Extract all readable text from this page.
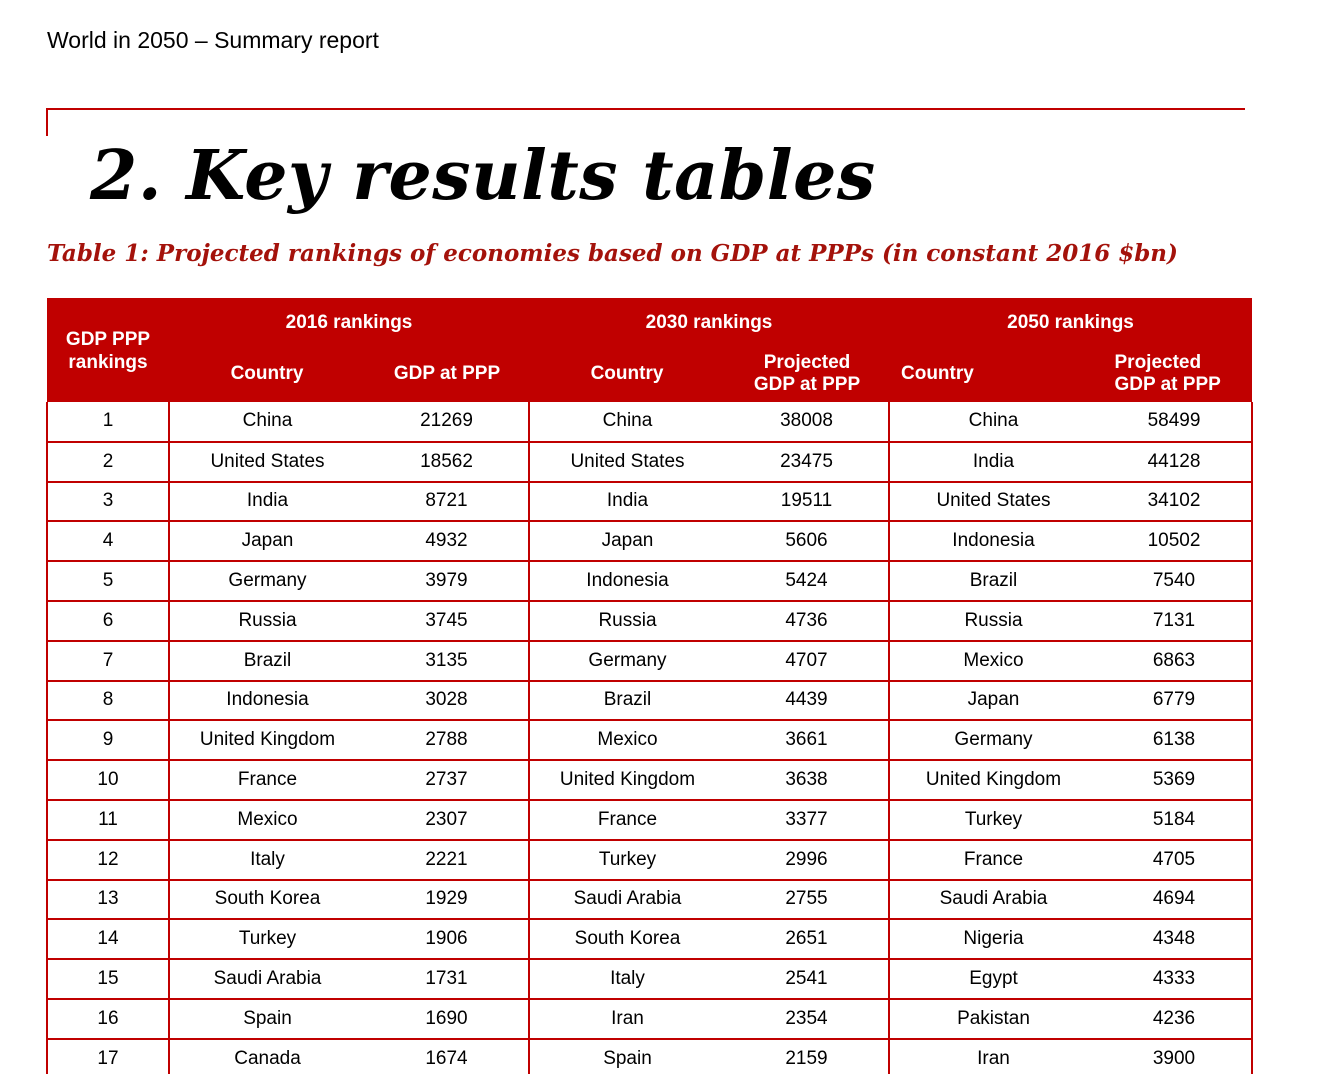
World in 2050 – Summary report
2. Key results tables
Table 1: Projected rankings of economies based on GDP at PPPs (in constant 2016 $bn)
GDP PPP rankings	2016 rankings		2030 rankings		2050 rankings	
	Country	GDP at PPP	Country	Projected GDP at PPP	Country	Projected GDP at PPP

1	China	21269	China	38008	China	58499
2	United States	18562	United States	23475	India	44128
3	India	8721	India	19511	United States	34102
4	Japan	4932	Japan	5606	Indonesia	10502
5	Germany	3979	Indonesia	5424	Brazil	7540
6	Russia	3745	Russia	4736	Russia	7131
7	Brazil	3135	Germany	4707	Mexico	6863
8	Indonesia	3028	Brazil	4439	Japan	6779
9	United Kingdom	2788	Mexico	3661	Germany	6138
10	France	2737	United Kingdom	3638	United Kingdom	5369
11	Mexico	2307	France	3377	Turkey	5184
12	Italy	2221	Turkey	2996	France	4705
13	South Korea	1929	Saudi Arabia	2755	Saudi Arabia	4694
14	Turkey	1906	South Korea	2651	Nigeria	4348
15	Saudi Arabia	1731	Italy	2541	Egypt	4333
16	Spain	1690	Iran	2354	Pakistan	4236
17	Canada	1674	Spain	2159	Iran	3900
